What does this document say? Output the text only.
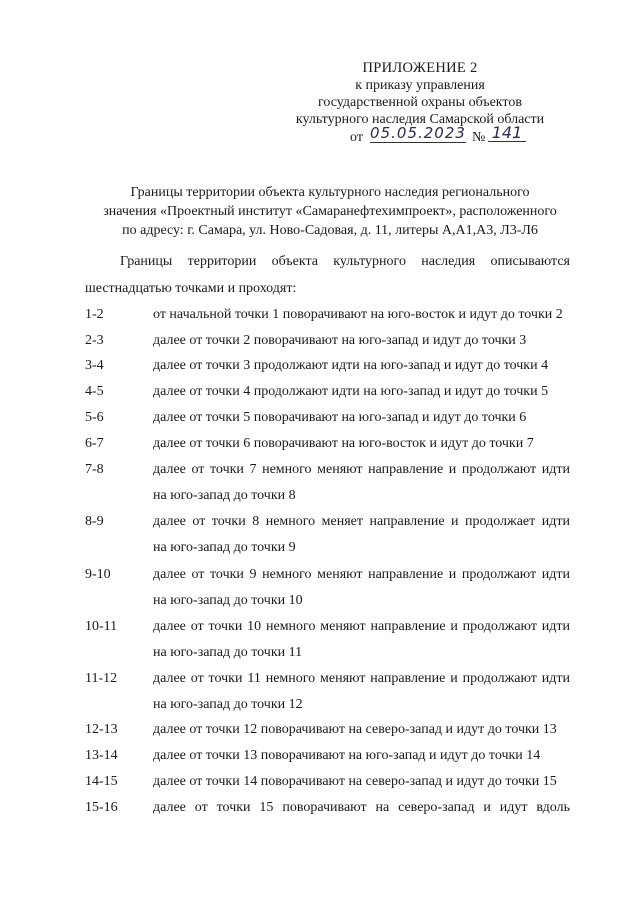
ПРИЛОЖЕНИЕ 2
к приказу управления
государственной охраны объектов
культурного наследия Самарской области
от 05.05.2023 № 141
Границы территории объекта культурного наследия регионального
значения «Проектный институт «Самаранефтехимпроект», расположенного
по адресу: г. Самара, ул. Ново-Садовая, д. 11, литеры А,А1,А3, Л3-Л6
Границы территории объекта культурного наследия описываются
шестнадцатью точками и проходят:
1-2	от начальной точки 1 поворачивают на юго-восток и идут до точки 2
2-3	далее от точки 2 поворачивают на юго-запад и идут до точки 3
3-4	далее от точки 3 продолжают идти на юго-запад и идут до точки 4
4-5	далее от точки 4 продолжают идти на юго-запад и идут до точки 5
5-6	далее от точки 5 поворачивают на юго-запад и идут до точки 6
6-7	далее от точки 6 поворачивают на юго-восток и идут до точки 7
7-8	далее от точки 7 немного меняют направление и продолжают идти
на юго-запад до точки 8
8-9	далее от точки 8 немного меняет направление и продолжает идти
на юго-запад до точки 9
9-10	далее от точки 9 немного меняют направление и продолжают идти
на юго-запад до точки 10
10-11	далее от точки 10 немного меняют направление и продолжают идти
на юго-запад до точки 11
11-12	далее от точки 11 немного меняют направление и продолжают идти
на юго-запад до точки 12
12-13	далее от точки 12 поворачивают на северо-запад и идут до точки 13
13-14	далее от точки 13 поворачивают на юго-запад и идут до точки 14
14-15	далее от точки 14 поворачивают на северо-запад и идут до точки 15
15-16	далее от точки 15 поворачивают на северо-запад и идут вдоль
